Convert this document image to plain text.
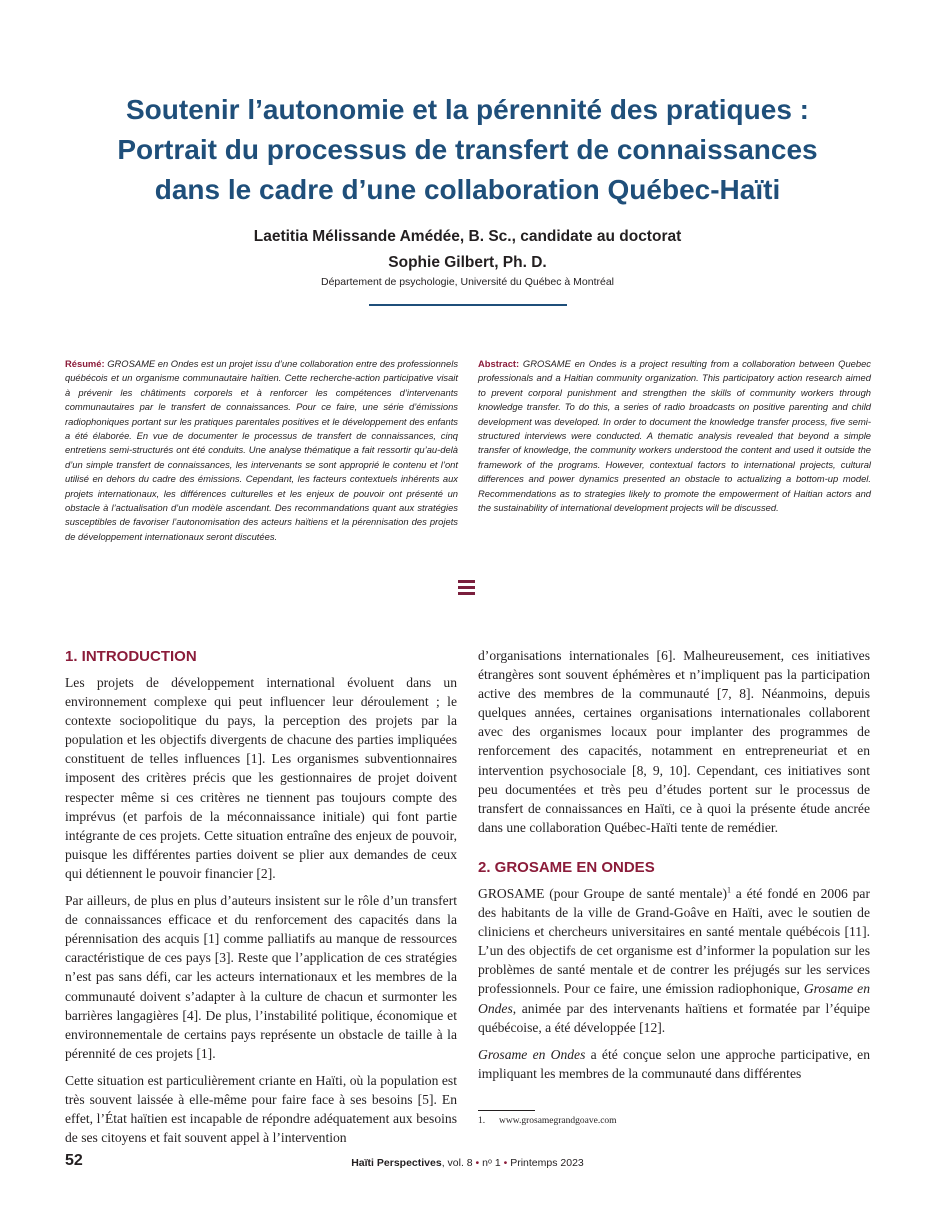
Soutenir l’autonomie et la pérennité des pratiques :
Portrait du processus de transfert de connaissances
dans le cadre d’une collaboration Québec-Haïti
Laetitia Mélissande Amédée, B. Sc., candidate au doctorat
Sophie Gilbert, Ph. D.
Département de psychologie, Université du Québec à Montréal
Résumé: GROSAME en Ondes est un projet issu d’une collaboration entre des professionnels québécois et un organisme communautaire haïtien. Cette recherche-action participative visait à prévenir les châtiments corporels et à renforcer les compétences d’intervenants communautaires par le transfert de connaissances. Pour ce faire, une série d’émissions radiophoniques portant sur les pratiques parentales positives et le développement des enfants a été élaborée. En vue de documenter le processus de transfert de connaissances, cinq entretiens semi-structurés ont été conduits. Une analyse thématique a fait ressortir qu’au-delà d’un simple transfert de connaissances, les intervenants se sont approprié le contenu et l’ont utilisé en dehors du cadre des émissions. Cependant, les facteurs contextuels inhérents aux projets internationaux, les différences culturelles et les enjeux de pouvoir ont présenté un obstacle à l’actualisation d’un modèle ascendant. Des recommandations quant aux stratégies susceptibles de favoriser l’autonomisation des acteurs haïtiens et la pérennisation des projets de développement internationaux seront discutées.
Abstract: GROSAME en Ondes is a project resulting from a collaboration between Quebec professionals and a Haitian community organization. This participatory action research aimed to prevent corporal punishment and strengthen the skills of community workers through knowledge transfer. To do this, a series of radio broadcasts on positive parenting and child development was developed. In order to document the knowledge transfer process, five semi-structured interviews were conducted. A thematic analysis revealed that beyond a simple transfer of knowledge, the community workers understood the content and used it outside the framework of the programs. However, contextual factors to international projects, cultural differences and power dynamics presented an obstacle to actualizing a bottom-up model. Recommendations as to strategies likely to promote the empowerment of Haitian actors and the sustainability of international development projects will be discussed.
1. INTRODUCTION

Les projets de développement international évoluent dans un environnement complexe qui peut influencer leur déroulement ; le contexte sociopolitique du pays, la perception des projets par la population et les objectifs divergents de chacune des parties impliquées constituent de telles influences [1]. Les organismes subventionnaires imposent des critères précis que les gestionnaires de projet doivent respecter même si ces critères ne tiennent pas toujours compte des imprévus (et parfois de la méconnaissance initiale) qui font partie intégrante de ces projets. Cette situation entraîne des enjeux de pouvoir, puisque les différentes parties doivent se plier aux demandes de ceux qui détiennent le pouvoir financier [2].

Par ailleurs, de plus en plus d’auteurs insistent sur le rôle d’un transfert de connaissances efficace et du renforcement des capacités dans la pérennisation des acquis [1] comme palliatifs au manque de ressources caractéristique de ces pays [3]. Reste que l’application de ces stratégies n’est pas sans défi, car les acteurs internationaux et les membres de la communauté doivent s’adapter à la culture de chacun et surmonter les barrières langagières [4]. De plus, l’instabilité politique, économique et environnementale de certains pays représente un obstacle de taille à la pérennité de ces projets [1].

Cette situation est particulièrement criante en Haïti, où la population est très souvent laissée à elle-même pour faire face à ses besoins [5]. En effet, l’État haïtien est incapable de répondre adéquatement aux besoins de ses citoyens et fait souvent appel à l’intervention

d’organisations internationales [6]. Malheureusement, ces initiatives étrangères sont souvent éphémères et n’impliquent pas la participation active des membres de la communauté [7, 8]. Néanmoins, depuis quelques années, certaines organisations internationales collaborent avec des organismes locaux pour implanter des programmes de renforcement des capacités, notamment en entrepreneuriat et en intervention psychosociale [8, 9, 10]. Cependant, ces initiatives sont peu documentées et très peu d’études portent sur le processus de transfert de connaissances en Haïti, ce à quoi la présente étude ancrée dans une collaboration Québec-Haïti tente de remédier.

2. GROSAME EN ONDES

GROSAME (pour Groupe de santé mentale)$^1$ a été fondé en 2006 par des habitants de la ville de Grand-Goâve en Haïti, avec le soutien de cliniciens et chercheurs universitaires en santé mentale québécois [11]. L’un des objectifs de cet organisme est d’informer la population sur les problèmes de santé mentale et de contrer les préjugés sur les services professionnels. Pour ce faire, une émission radiophonique, Grosame en Ondes, animée par des intervenants haïtiens et formatée par l’équipe québécoise, a été développée [12].

Grosame en Ondes a été conçue selon une approche participative, en impliquant les membres de la communauté dans différentes

1. www.grosamegrandgoave.com
52	Haïti Perspectives, vol. 8 • nᵒ 1 • Printemps 2023
